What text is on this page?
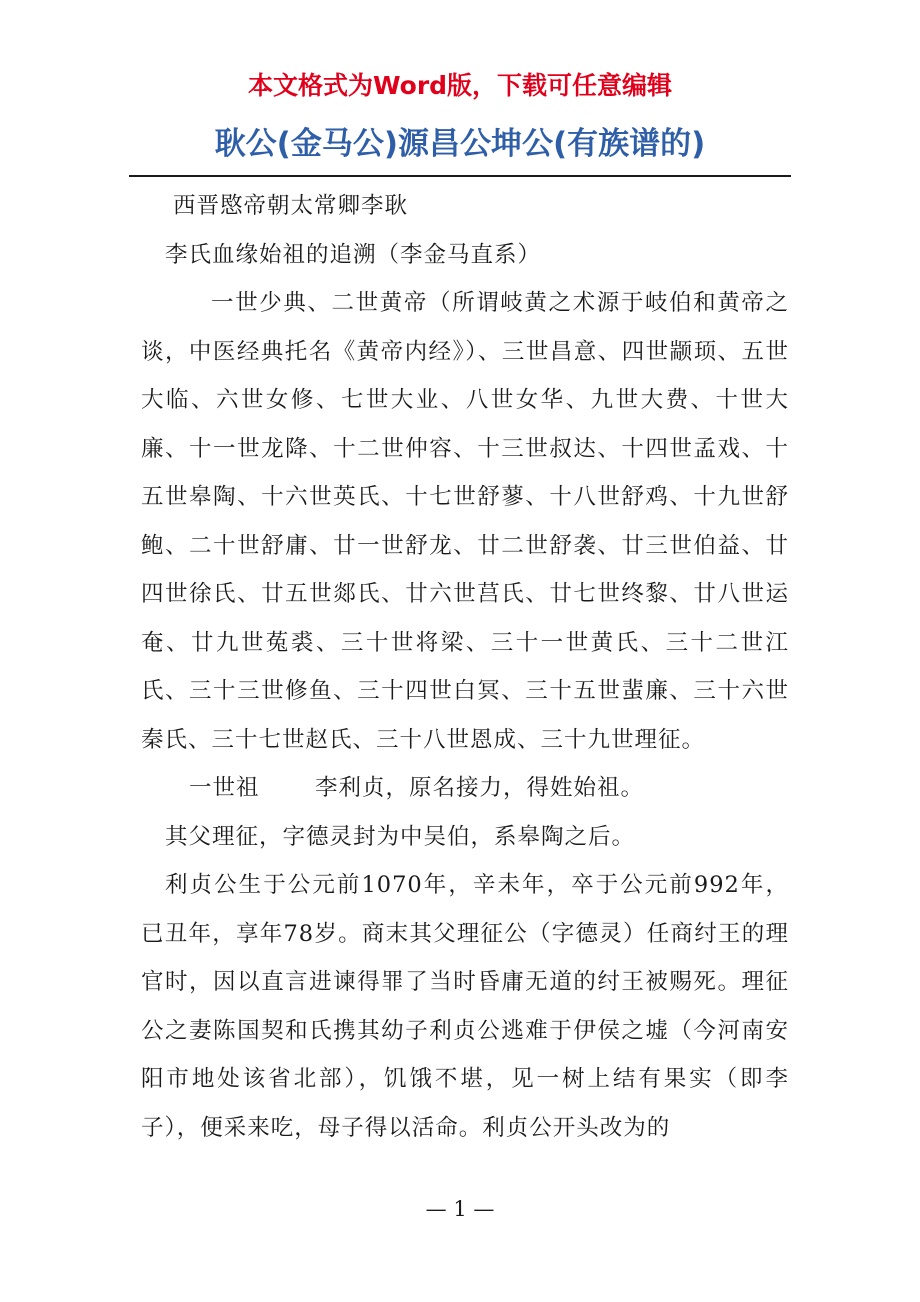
本文格式为Word版，下载可任意编辑
耿公(金马公)源昌公坤公(有族谱的)

西晋愍帝朝太常卿李耿

李氏血缘始祖的追溯（李金马直系）

一世少典、二世黄帝（所谓岐黄之术源于岐伯和黄帝之谈，中医经典托名《黄帝内经》）、三世昌意、四世颛顼、五世大临、六世女修、七世大业、八世女华、九世大费、十世大廉、十一世龙降、十二世仲容、十三世叔达、十四世孟戏、十五世皋陶、十六世英氏、十七世舒蓼、十八世舒鸡、十九世舒鲍、二十世舒庸、廿一世舒龙、廿二世舒袭、廿三世伯益、廿四世徐氏、廿五世郯氏、廿六世莒氏、廿七世终黎、廿八世运奄、廿九世菟裘、三十世将梁、三十一世黄氏、三十二世江氏、三十三世修鱼、三十四世白冥、三十五世蜚廉、三十六世秦氏、三十七世赵氏、三十八世恩成、三十九世理征。

一世祖 李利贞，原名接力，得姓始祖。

其父理征，字德灵封为中吴伯，系皋陶之后。

利贞公生于公元前1070年，辛未年，卒于公元前992年，已丑年，享年78岁。商末其父理征公（字德灵）任商纣王的理官时，因以直言进谏得罪了当时昏庸无道的纣王被赐死。理征公之妻陈国契和氏携其幼子利贞公逃难于伊侯之墟（今河南安阳市地处该省北部），饥饿不堪，见一树上结有果实（即李子），便采来吃，母子得以活命。利贞公开头改为的

— 1 —
